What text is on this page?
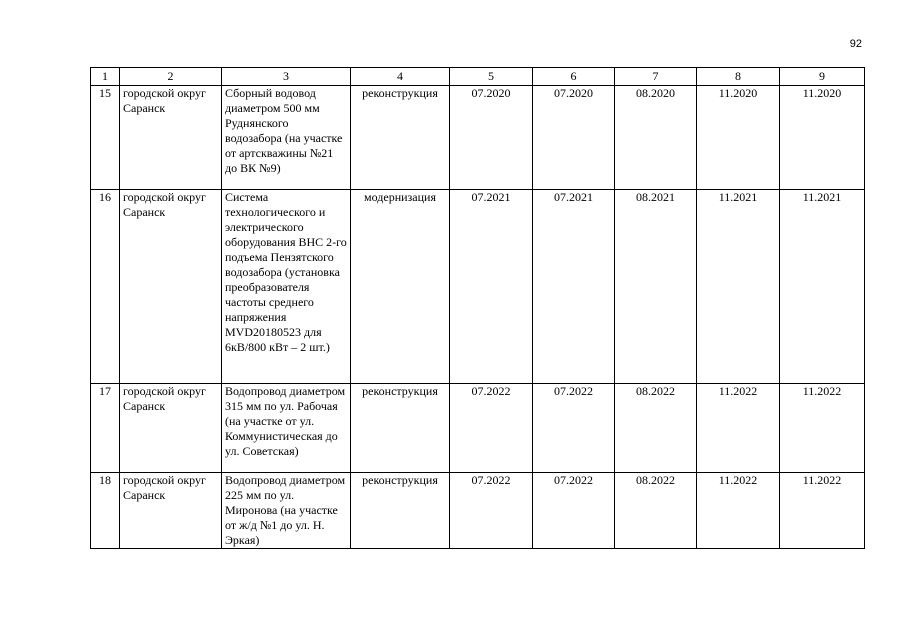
92
1	2	3	4	5	6	7	8	9
15	городской округ Саранск	Сборный водовод диаметром 500 мм Руднянского водозабора (на участке от артскважины №21 до ВК №9)	реконструкция	07.2020	07.2020	08.2020	11.2020	11.2020
16	городской округ Саранск	Система технологического и электрического оборудования ВНС 2-го подъема Пензятского водозабора (установка преобразователя частоты среднего напряжения MVD20180523 для 6кВ/800 кВт – 2 шт.)	модернизация	07.2021	07.2021	08.2021	11.2021	11.2021
17	городской округ Саранск	Водопровод диаметром 315 мм по ул. Рабочая (на участке от ул. Коммунистическая до ул. Советская)	реконструкция	07.2022	07.2022	08.2022	11.2022	11.2022
18	городской округ Саранск	Водопровод диаметром 225 мм по ул. Миронова (на участке от ж/д №1 до ул. Н. Эркая)	реконструкция	07.2022	07.2022	08.2022	11.2022	11.2022
